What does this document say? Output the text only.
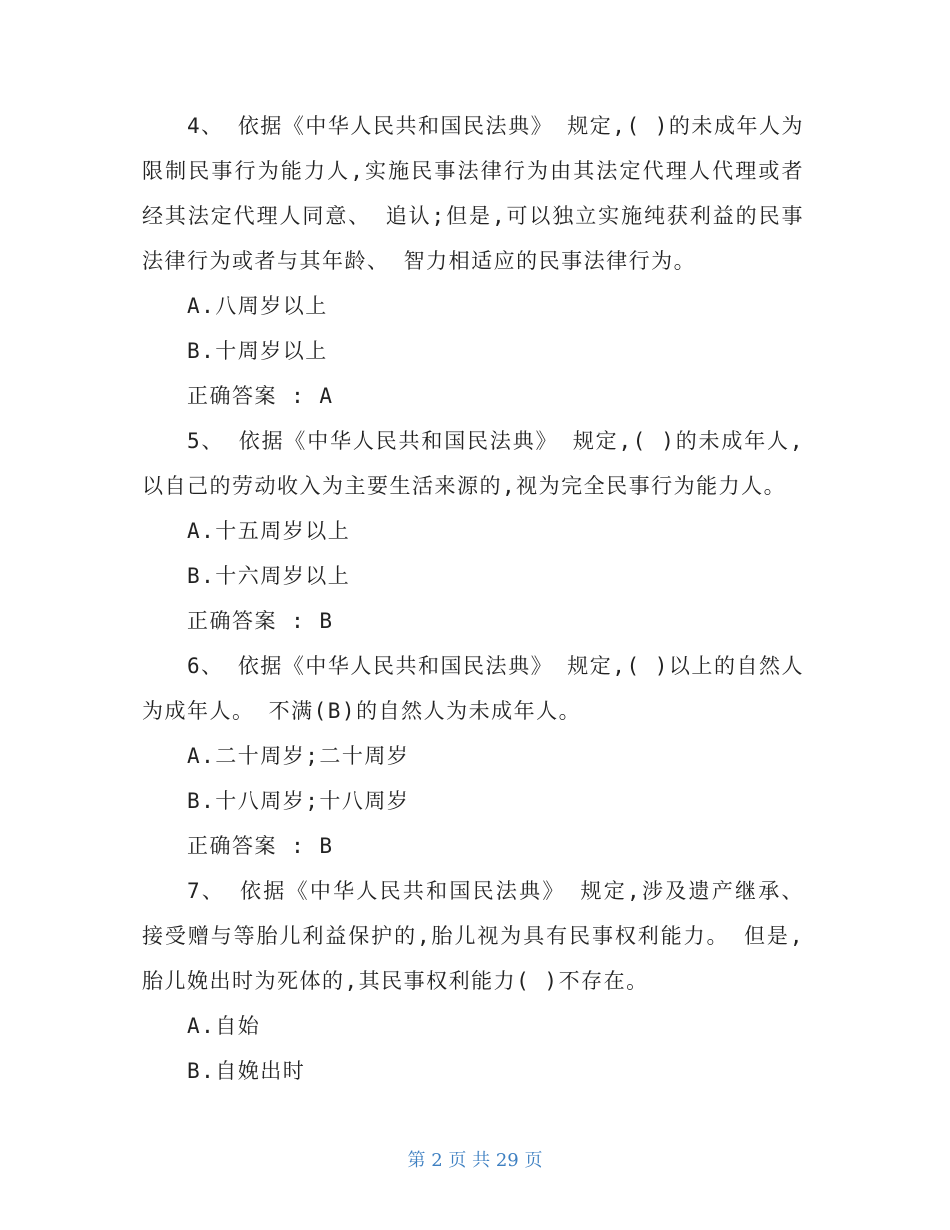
4、 依据《中华人民共和国民法典》 规定,( )的未成年人为限制民事行为能力人,实施民事法律行为由其法定代理人代理或者经其法定代理人同意、 追认;但是,可以独立实施纯获利益的民事法律行为或者与其年龄、 智力相适应的民事法律行为。

A.八周岁以上

B.十周岁以上

正确答案 : A

5、 依据《中华人民共和国民法典》 规定,( )的未成年人,以自己的劳动收入为主要生活来源的,视为完全民事行为能力人。

A.十五周岁以上

B.十六周岁以上

正确答案 : B

6、 依据《中华人民共和国民法典》 规定,( )以上的自然人为成年人。 不满(B)的自然人为未成年人。

A.二十周岁;二十周岁

B.十八周岁;十八周岁

正确答案 : B

7、 依据《中华人民共和国民法典》 规定,涉及遗产继承、接受赠与等胎儿利益保护的,胎儿视为具有民事权利能力。 但是,胎儿娩出时为死体的,其民事权利能力( )不存在。

A.自始

B.自娩出时

第 2 页 共 29 页
